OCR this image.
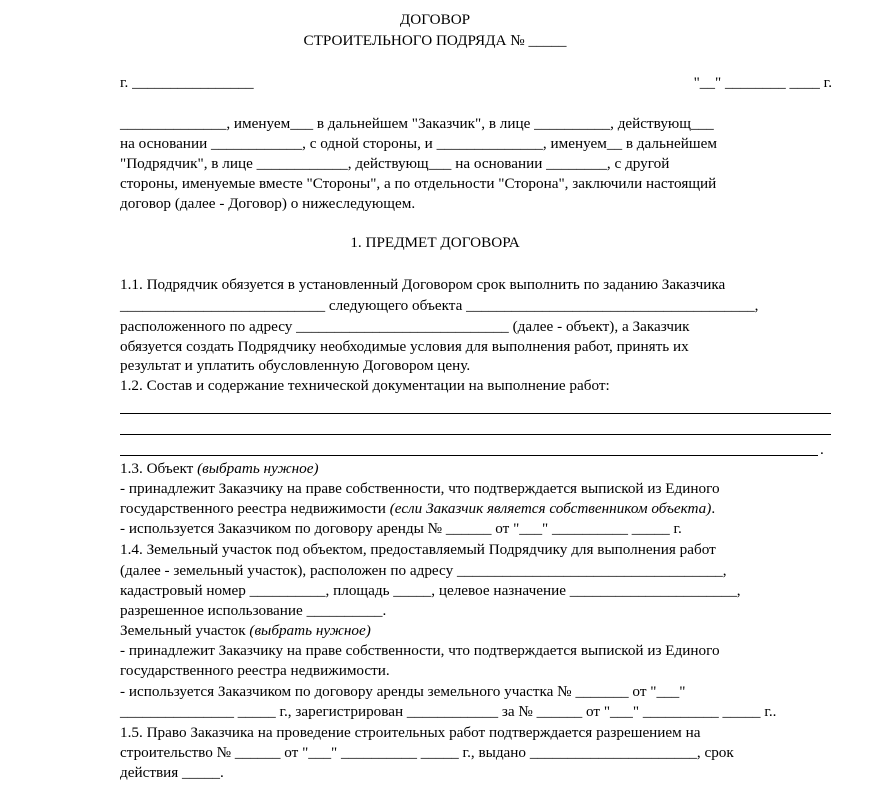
ДОГОВОР

СТРОИТЕЛЬНОГО ПОДРЯДА № _____

г. ________________	"__" ________ ____ г.

______________, именуем___ в дальнейшем "Заказчик", в лице __________, действующ___

на основании ____________, с одной стороны, и ______________, именуем__ в дальнейшем

"Подрядчик", в лице ____________, действующ___ на основании ________, с другой

стороны, именуемые вместе "Стороны", а по отдельности "Сторона", заключили настоящий

договор (далее - Договор) о нижеследующем.

1. ПРЕДМЕТ ДОГОВОРА

1.1. Подрядчик обязуется в установленный Договором срок выполнить по заданию Заказчика

___________________________ следующего объекта ______________________________________,

расположенного по адресу ____________________________ (далее - объект), а Заказчик

обязуется создать Подрядчику необходимые условия для выполнения работ, принять их

результат и уплатить обусловленную Договором цену.

1.2. Состав и содержание технической документации на выполнение работ:

.

1.3. Объект (выбрать нужное)

- принадлежит Заказчику на праве собственности, что подтверждается выпиской из Единого

государственного реестра недвижимости (если Заказчик является собственником объекта).

- используется Заказчиком по договору аренды № ______ от "___" __________ _____ г.

1.4. Земельный участок под объектом, предоставляемый Подрядчику для выполнения работ

(далее - земельный участок), расположен по адресу ___________________________________,

кадастровый номер __________, площадь _____, целевое назначение ______________________,

разрешенное использование __________.

Земельный участок (выбрать нужное)

- принадлежит Заказчику на праве собственности, что подтверждается выпиской из Единого

государственного реестра недвижимости.

- используется Заказчиком по договору аренды земельного участка № _______ от "___"

_______________ _____ г., зарегистрирован ____________ за № ______ от "___" __________ _____ г..

1.5. Право Заказчика на проведение строительных работ подтверждается разрешением на

строительство № ______ от "___" __________ _____ г., выдано ______________________, срок

действия _____.
